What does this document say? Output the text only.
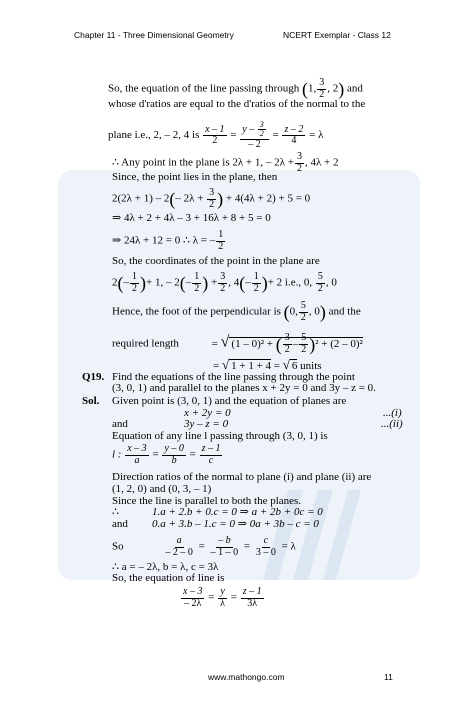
Chapter 11 - Three Dimensional Geometry	NCERT Exemplar - Class 12
So, the equation of the line passing through (1, $\frac{3}{2}$ , 2) and
whose d'ratios are equal to the d'ratios of the normal to the
plane i.e., 2, – 2, 4 is $\frac{x - 1}{2} = \frac{y - \frac{3}{2}}{- 2} = \frac{z - 2}{4} = \lambda$
∴ Any point in the plane is 2λ + 1, – $2\lambda + \frac{3}{2}$ , 4λ + 2
Since, the point lies in the plane, then
2(2λ + 1) – 2(– $2\lambda + \frac{3}{2}$ ) + 4(4λ + 2) + 5 = 0
⇒ 4λ + 2 + 4λ – 3 + 16λ + 8 + 5 = 0
⇒ 24λ + 12 = 0 ∴ λ = – $\frac{1}{2}$
So, the coordinates of the point in the plane are
$2(- \frac{1}{2}$ )+ 1, – $2(- \frac{1}{2}$ ) + $\frac{3}{2}$ , $4(- \frac{1}{2}$ )+ 2 i.e., 0, $\frac{5}{2}$ , 0
Hence, the foot of the perpendicular is (0, $\frac{5}{2}$ , 0) and the
required length	= √ (1 – 0)² + ( $\frac{3}{2} - \frac{5}{2} )^2 + (2 - 0)^2$
= √ 1 + 1 + 4 = √ 6 units
Q19. Find the equations of the line passing through the point
(3, 0, 1) and parallel to the planes x + 2y = 0 and 3y – z = 0.
Sol. Given point is (3, 0, 1) and the equation of planes are
x + 2y = 0	...(i)
and	3y – z = 0	...(ii)
Equation of any line l passing through (3, 0, 1) is
l : $\frac{x - 3}{a} = \frac{y - 0}{b} = \frac{z - 1}{c}$
Direction ratios of the normal to plane (i) and plane (ii) are
(1, 2, 0) and (0, 3, – 1)
Since the line is parallel to both the planes.
∴	1.a + 2.b + 0.c = 0 ⇒ a + 2b + 0c = 0
and 0.a + 3.b – 1.c = 0 ⇒ 0a + 3b – c = 0
So	$\frac{a}{- 2 - 0} = \frac{- b}{- 1 - 0} = \frac{c}{3 - 0} = \lambda$
∴ a = – 2λ, b = λ, c = 3λ
So, the equation of line is
$\frac{x - 3}{- 2\lambda} = \frac{y}{\lambda} = \frac{z - 1}{3\lambda}$
www.mathongo.com	11
